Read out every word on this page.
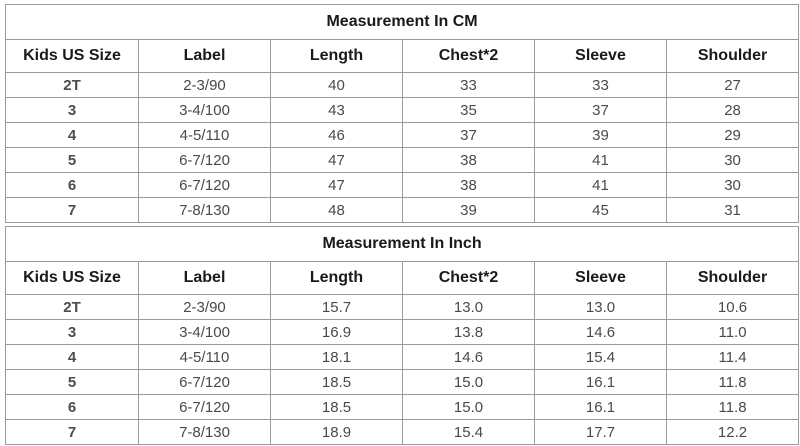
Measurement In CM					
Kids US Size	Label	Length	Chest*2	Sleeve	Shoulder
2T	2-3/90	40	33	33	27
3	3-4/100	43	35	37	28
4	4-5/110	46	37	39	29
5	6-7/120	47	38	41	30
6	6-7/120	47	38	41	30
7	7-8/130	48	39	45	31
Measurement In Inch					
Kids US Size	Label	Length	Chest*2	Sleeve	Shoulder
2T	2-3/90	15.7	13.0	13.0	10.6
3	3-4/100	16.9	13.8	14.6	11.0
4	4-5/110	18.1	14.6	15.4	11.4
5	6-7/120	18.5	15.0	16.1	11.8
6	6-7/120	18.5	15.0	16.1	11.8
7	7-8/130	18.9	15.4	17.7	12.2
